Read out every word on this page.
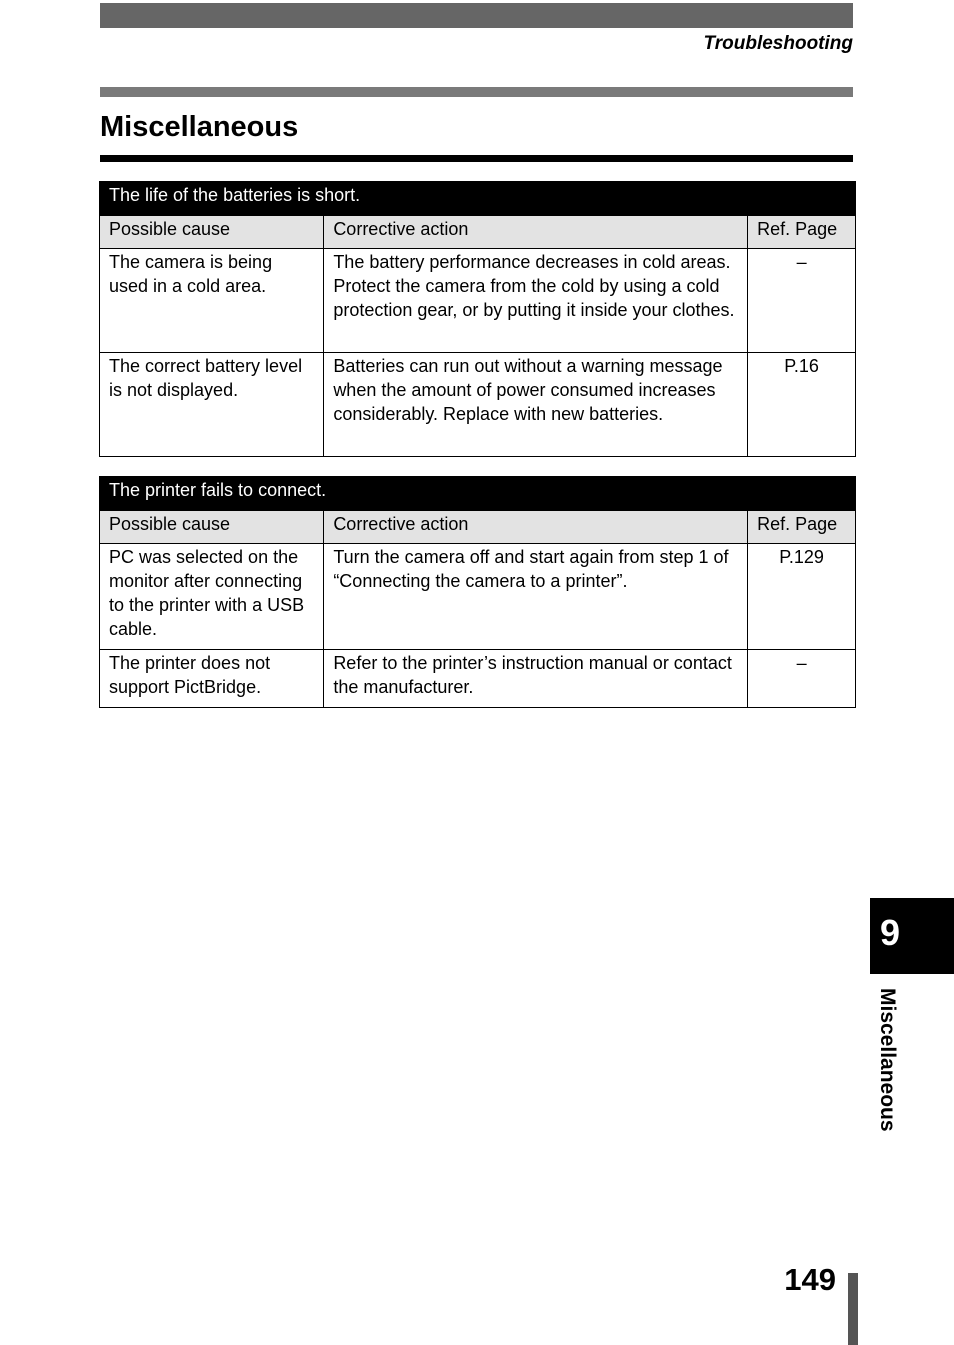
Troubleshooting
Miscellaneous
The life of the batteries is short.		
Possible cause	Corrective action	Ref. Page
The camera is being used in a cold area.	The battery performance decreases in cold areas. Protect the camera from the cold by using a cold protection gear, or by putting it inside your clothes.	–
The correct battery level is not displayed.	Batteries can run out without a warning message when the amount of power consumed increases considerably. Replace with new batteries.	P.16
The printer fails to connect.		
Possible cause	Corrective action	Ref. Page
PC was selected on the monitor after connecting to the printer with a USB cable.	Turn the camera off and start again from step 1 of “Connecting the camera to a printer”.	P.129
The printer does not support PictBridge.	Refer to the printer’s instruction manual or contact the manufacturer.	–
9
Miscellaneous
149
